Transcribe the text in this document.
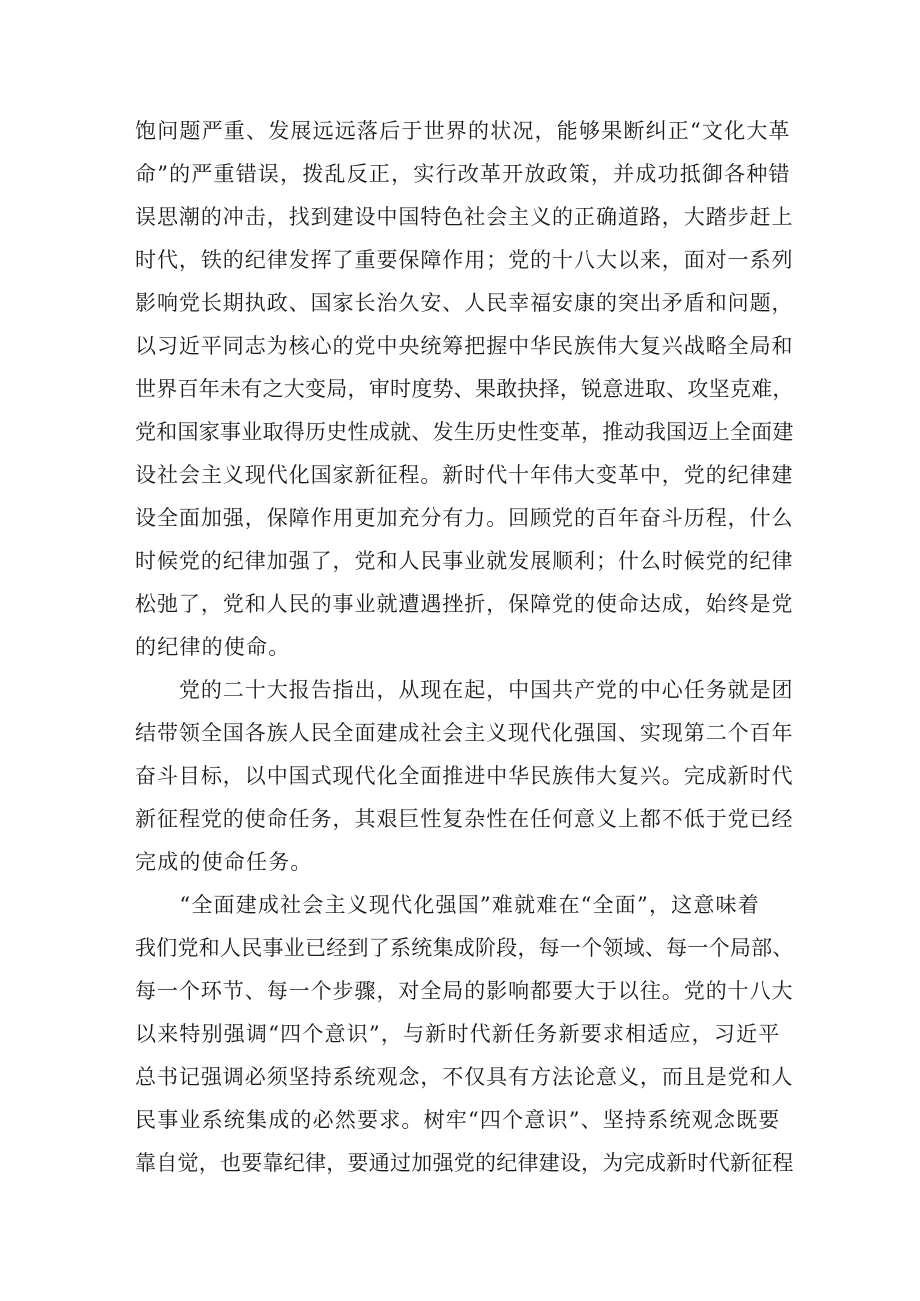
饱问题严重、发展远远落后于世界的状况，能够果断纠正“文化大革
命”的严重错误，拨乱反正，实行改革开放政策，并成功抵御各种错
误思潮的冲击，找到建设中国特色社会主义的正确道路，大踏步赶上
时代，铁的纪律发挥了重要保障作用；党的十八大以来，面对一系列
影响党长期执政、国家长治久安、人民幸福安康的突出矛盾和问题，
以习近平同志为核心的党中央统筹把握中华民族伟大复兴战略全局和
世界百年未有之大变局，审时度势、果敢抉择，锐意进取、攻坚克难，
党和国家事业取得历史性成就、发生历史性变革，推动我国迈上全面建
设社会主义现代化国家新征程。新时代十年伟大变革中，党的纪律建
设全面加强，保障作用更加充分有力。回顾党的百年奋斗历程，什么
时候党的纪律加强了，党和人民事业就发展顺利；什么时候党的纪律
松弛了，党和人民的事业就遭遇挫折，保障党的使命达成，始终是党
的纪律的使命。
　　党的二十大报告指出，从现在起，中国共产党的中心任务就是团
结带领全国各族人民全面建成社会主义现代化强国、实现第二个百年
奋斗目标，以中国式现代化全面推进中华民族伟大复兴。完成新时代
新征程党的使命任务，其艰巨性复杂性在任何意义上都不低于党已经
完成的使命任务。
　　“全面建成社会主义现代化强国”难就难在“全面”，这意味着
我们党和人民事业已经到了系统集成阶段，每一个领域、每一个局部、
每一个环节、每一个步骤，对全局的影响都要大于以往。党的十八大
以来特别强调“四个意识”，与新时代新任务新要求相适应，习近平
总书记强调必须坚持系统观念，不仅具有方法论意义，而且是党和人
民事业系统集成的必然要求。树牢“四个意识”、坚持系统观念既要
靠自觉，也要靠纪律，要通过加强党的纪律建设，为完成新时代新征程
